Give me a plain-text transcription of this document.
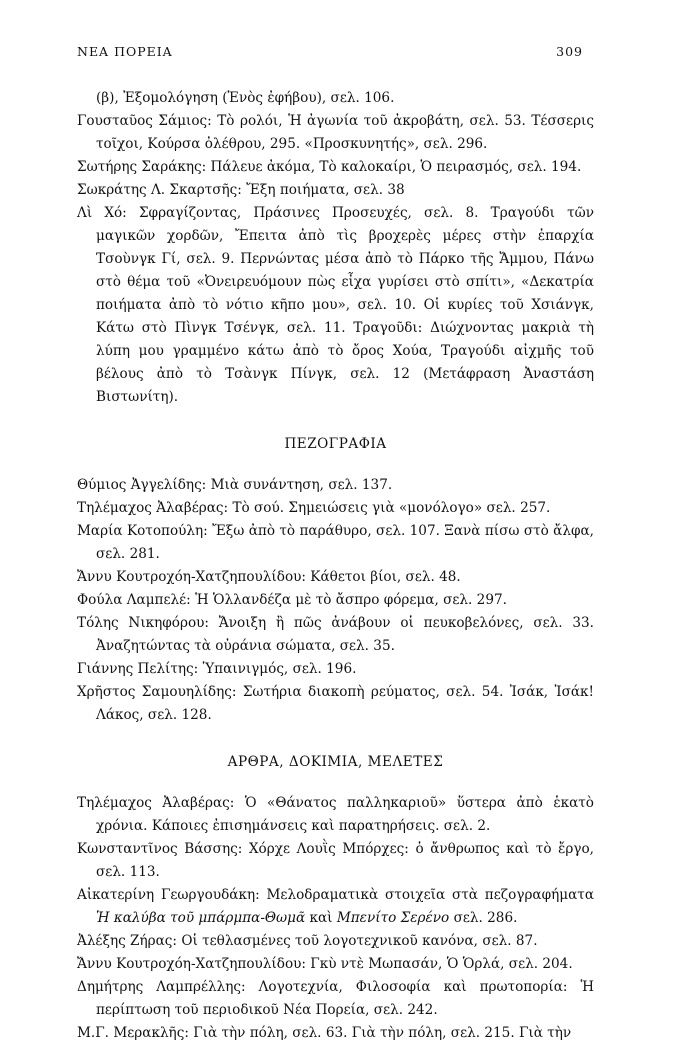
ΝΕΑ ΠΟΡΕΙΑ	309

(β), Ἐξομολόγηση (Ἑνὸς ἐφήβου), σελ. 106.

Γουσταῦος Σάμιος: Τὸ ρολόι, Ἡ ἀγωνία τοῦ ἀκροβάτη, σελ. 53. Τέσσερις τοῖχοι, Κούρσα ὀλέθρου, 295. «Προσκυνητής», σελ. 296.

Σωτήρης Σαράκης: Πάλευε ἀκόμα, Τὸ καλοκαίρι, Ὁ πειρασμός, σελ. 194.

Σωκράτης Λ. Σκαρτσῆς: Ἔξη ποιήματα, σελ. 38

Λὶ Χό: Σφραγίζοντας, Πράσινες Προσευχές, σελ. 8. Τραγούδι τῶν μαγικῶν χορδῶν, Ἔπειτα ἀπὸ τὶς βροχερὲς μέρες στὴν ἐπαρχία Τσοὺνγκ Γί, σελ. 9. Περνώντας μέσα ἀπὸ τὸ Πάρκο τῆς Ἄμμου, Πάνω στὸ θέμα τοῦ «Ὀνειρευόμουν πὼς εἶχα γυρίσει στὸ σπίτι», «Δεκατρία ποιήματα ἀπὸ τὸ νότιο κῆπο μου», σελ. 10. Οἱ κυρίες τοῦ Χσιάνγκ, Κάτω στὸ Πὶνγκ Τσένγκ, σελ. 11. Τραγοῦδι: Διώχνοντας μακριὰ τὴ λύπη μου γραμμένο κάτω ἀπὸ τὸ ὄρος Χούα, Τραγούδι αἰχμῆς τοῦ βέλους ἀπὸ τὸ Τσὰνγκ Πίνγκ, σελ. 12 (Μετάφραση Ἀναστάση Βιστωνίτη).

ΠΕΖΟΓΡΑΦΙΑ

Θύμιος Ἀγγελίδης: Μιὰ συνάντηση, σελ. 137.

Τηλέμαχος Ἀλαβέρας: Τὸ σού. Σημειώσεις γιὰ «μονόλογο» σελ. 257.

Μαρία Κοτοπούλη: Ἔξω ἀπὸ τὸ παράθυρο, σελ. 107. Ξανὰ πίσω στὸ ἄλφα, σελ. 281.

Ἄννυ Κουτροχόη-Χατζηπουλίδου: Κάθετοι βίοι, σελ. 48.

Φούλα Λαμπελέ: Ἡ Ὁλλανδέζα μὲ τὸ ἄσπρο φόρεμα, σελ. 297.

Τόλης Νικηφόρου: Ἄνοιξη ἢ πῶς ἀνάβουν οἱ πευκοβελόνες, σελ. 33. Ἀναζητώντας τὰ οὐράνια σώματα, σελ. 35.

Γιάννης Πελίτης: Ὑπαινιγμός, σελ. 196.

Χρῆστος Σαμουηλίδης: Σωτήρια διακοπὴ ρεύματος, σελ. 54. Ἰσάκ, Ἰσάκ! Λάκος, σελ. 128.

ΑΡΘΡΑ, ΔΟΚΙΜΙΑ, ΜΕΛΕΤΕΣ

Τηλέμαχος Ἀλαβέρας: Ὁ «Θάνατος παλληκαριοῦ» ὕστερα ἀπὸ ἑκατὸ χρόνια. Κάποιες ἐπισημάνσεις καὶ παρατηρήσεις. σελ. 2.

Κωνσταντῖνος Βάσσης: Χόρχε Λουῒς Μπόρχες: ὁ ἄνθρωπος καὶ τὸ ἔργο, σελ. 113.

Αἰκατερίνη Γεωργουδάκη: Μελοδραματικὰ στοιχεῖα στὰ πεζογραφήματα Ἡ καλύβα τοῦ μπάρμπα-Θωμᾶ καὶ Μπενίτο Σερένο σελ. 286.

Ἀλέξης Ζήρας: Οἱ τεθλασμένες τοῦ λογοτεχνικοῦ κανόνα, σελ. 87.

Ἄννυ Κουτροχόη-Χατζηπουλίδου: Γκὺ ντὲ Μωπασάν, Ὁ Ὁρλά, σελ. 204.

Δημήτρης Λαμπρέλλης: Λογοτεχνία, Φιλοσοφία καὶ πρωτοπορία: Ἡ περίπτωση τοῦ περιοδικοῦ Νέα Πορεία, σελ. 242.

Μ.Γ. Μερακλῆς: Γιὰ τὴν πόλη, σελ. 63. Γιὰ τὴν πόλη, σελ. 215. Γιὰ τὴν
